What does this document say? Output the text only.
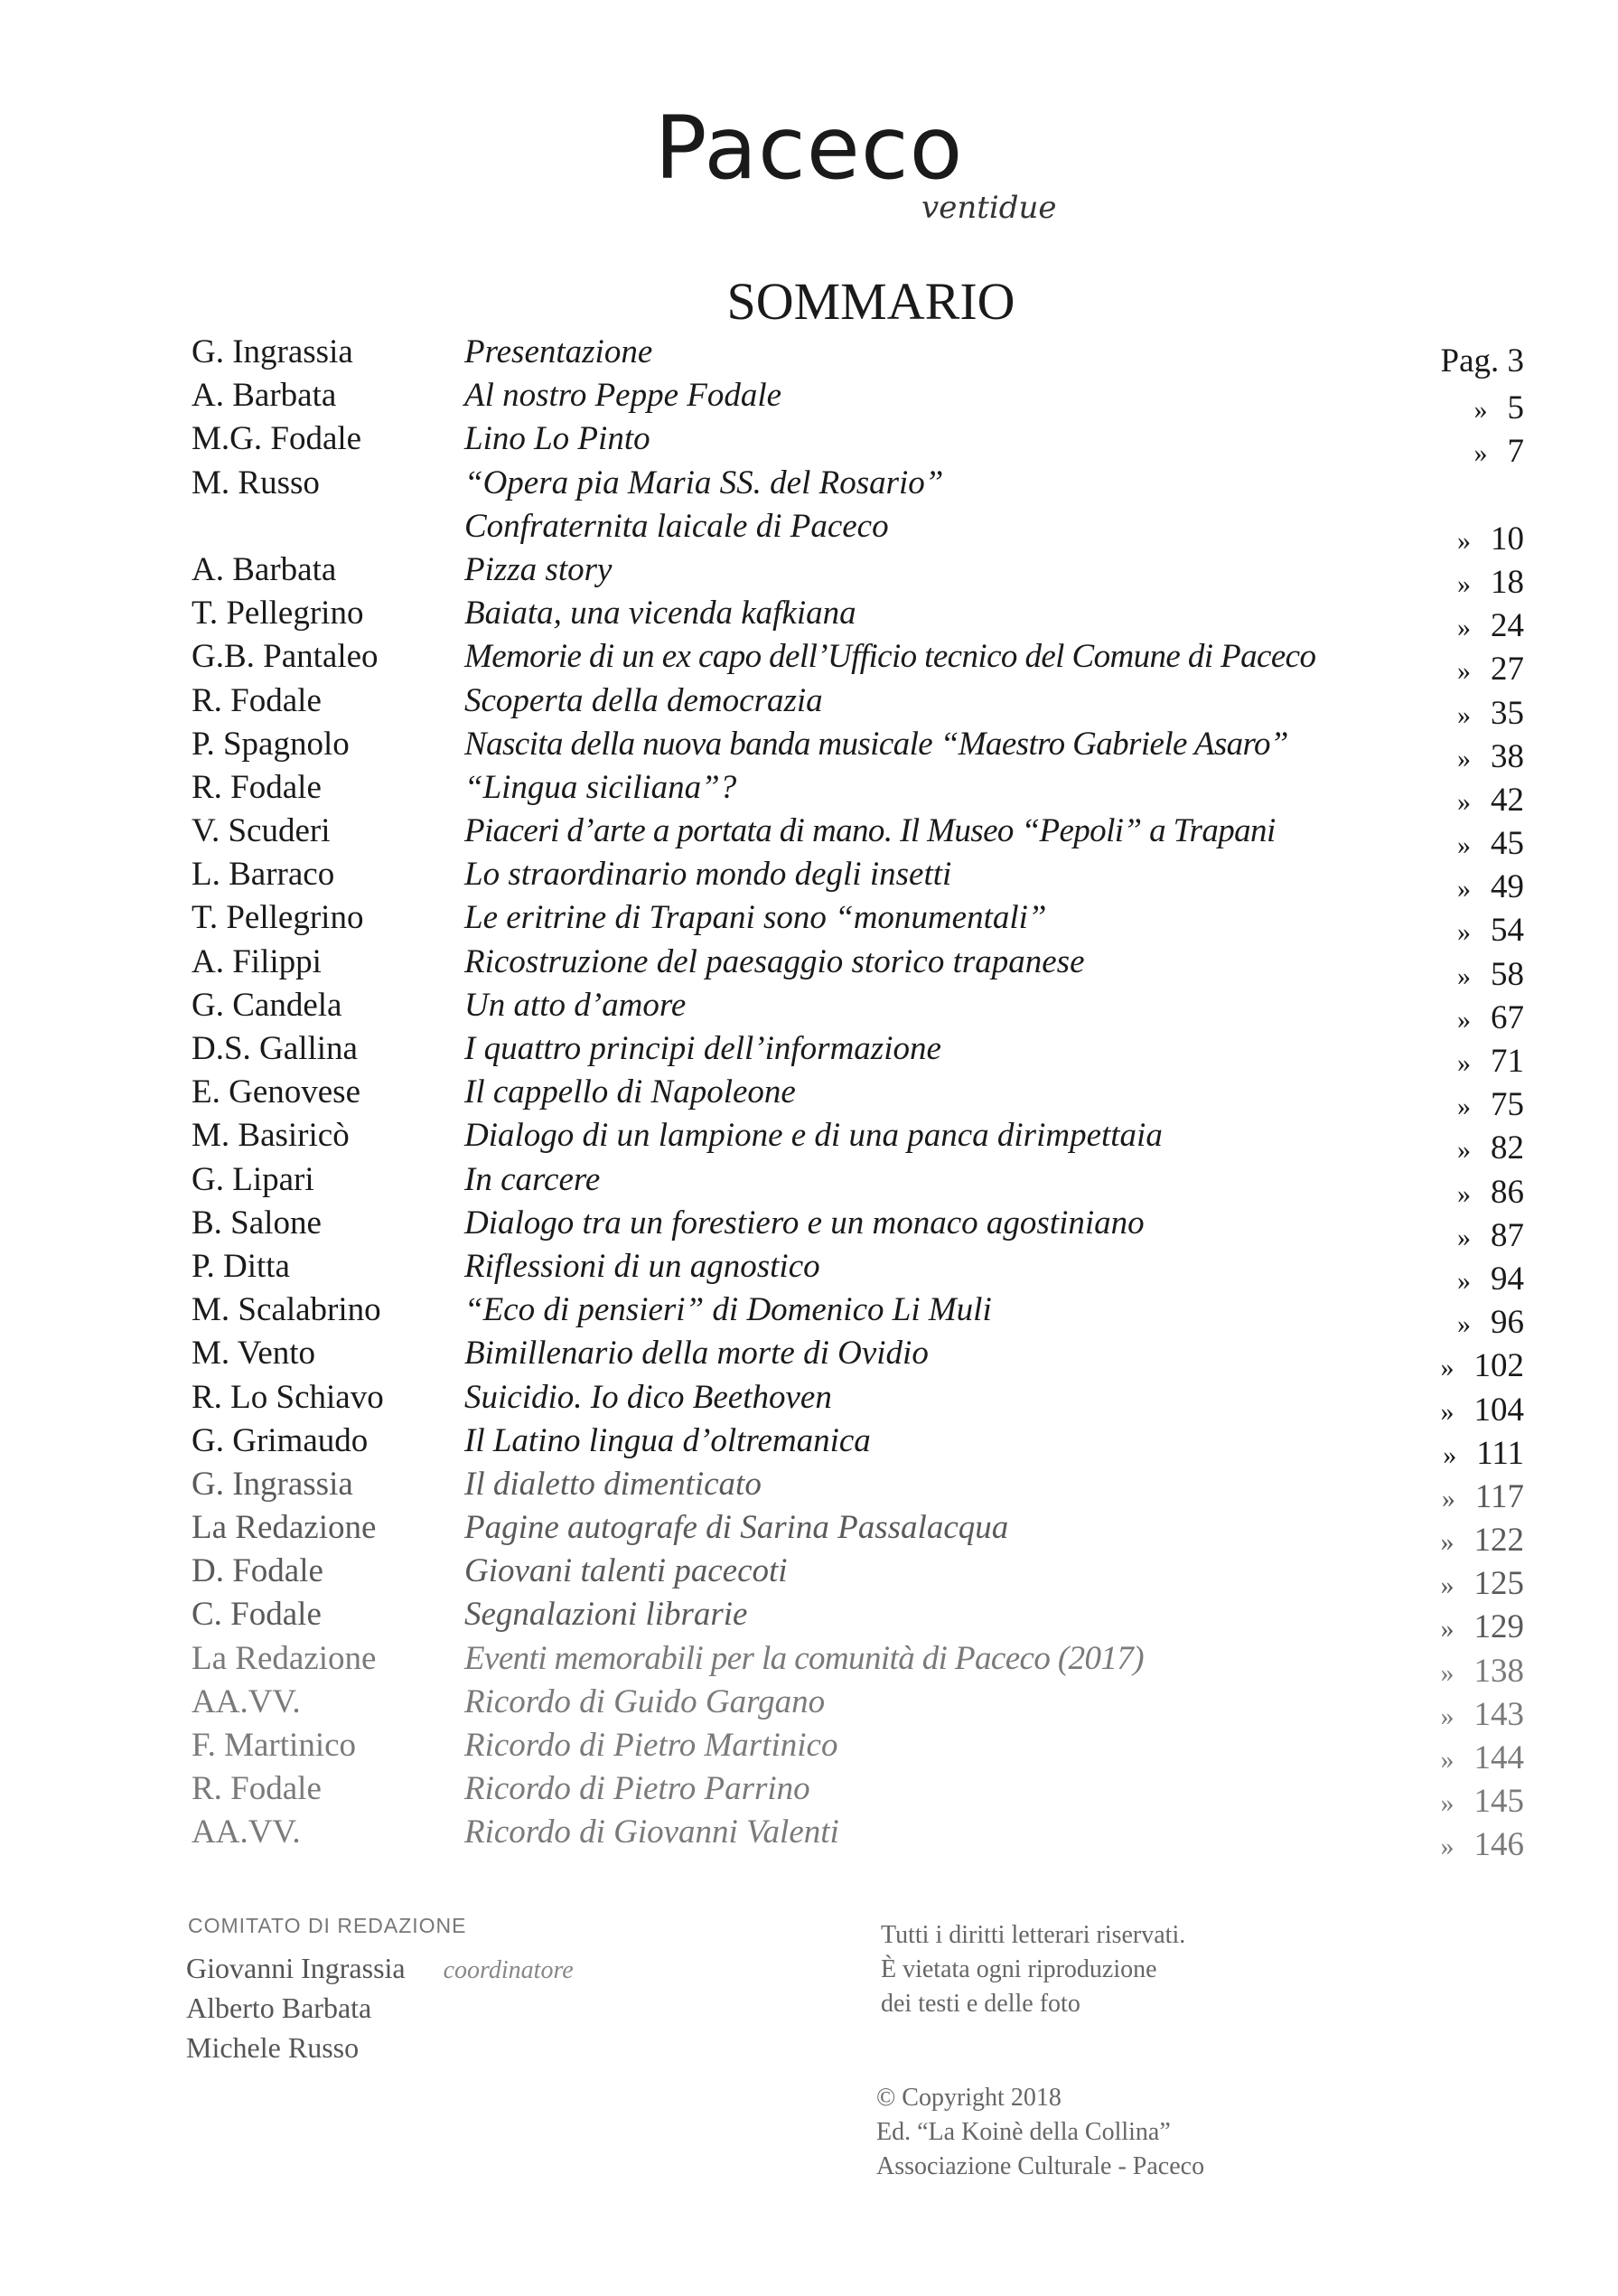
Paceco
ventidue
SOMMARIO
G. Ingrassia	Presentazione	Pag. 3
A. Barbata	Al nostro Peppe Fodale	» 5
M.G. Fodale	Lino Lo Pinto	» 7
M. Russo	“Opera pia Maria SS. del Rosario”
Confraternita laicale di Paceco	» 10
A. Barbata	Pizza story	» 18
T. Pellegrino	Baiata, una vicenda kafkiana	» 24
G.B. Pantaleo	Memorie di un ex capo dell’Ufficio tecnico del Comune di Paceco	» 27
R. Fodale	Scoperta della democrazia	» 35
P. Spagnolo	Nascita della nuova banda musicale “Maestro Gabriele Asaro”	» 38
R. Fodale	“Lingua siciliana”?	» 42
V. Scuderi	Piaceri d’arte a portata di mano. Il Museo “Pepoli” a Trapani	» 45
L. Barraco	Lo straordinario mondo degli insetti	» 49
T. Pellegrino	Le eritrine di Trapani sono “monumentali”	» 54
A. Filippi	Ricostruzione del paesaggio storico trapanese	» 58
G. Candela	Un atto d’amore	» 67
D.S. Gallina	I quattro principi dell’informazione	» 71
E. Genovese	Il cappello di Napoleone	» 75
M. Basiricò	Dialogo di un lampione e di una panca dirimpettaia	» 82
G. Lipari	In carcere	» 86
B. Salone	Dialogo tra un forestiero e un monaco agostiniano	» 87
P. Ditta	Riflessioni di un agnostico	» 94
M. Scalabrino “Eco di pensieri” di Domenico Li Muli	» 96
M. Vento	Bimillenario della morte di Ovidio	» 102
R. Lo Schiavo Suicidio. Io dico Beethoven	» 104
G. Grimaudo	Il Latino lingua d’oltremanica	» 111
G. Ingrassia	Il dialetto dimenticato	» 117
La Redazione	Pagine autografe di Sarina Passalacqua	» 122
D. Fodale	Giovani talenti pacecoti	» 125
C. Fodale	Segnalazioni librarie	» 129
La Redazione	Eventi memorabili per la comunità di Paceco (2017)	» 138
AA.VV.	Ricordo di Guido Gargano	» 143
F. Martinico	Ricordo di Pietro Martinico	» 144
R. Fodale	Ricordo di Pietro Parrino	» 145
AA.VV.	Ricordo di Giovanni Valenti	» 146
COMITATO DI REDAZIONE
Giovanni Ingrassia coordinatore
Alberto Barbata
Michele Russo
Tutti i diritti letterari riservati.
È vietata ogni riproduzione
dei testi e delle foto
© Copyright 2018
Ed. “La Koinè della Collina”
Associazione Culturale - Paceco
